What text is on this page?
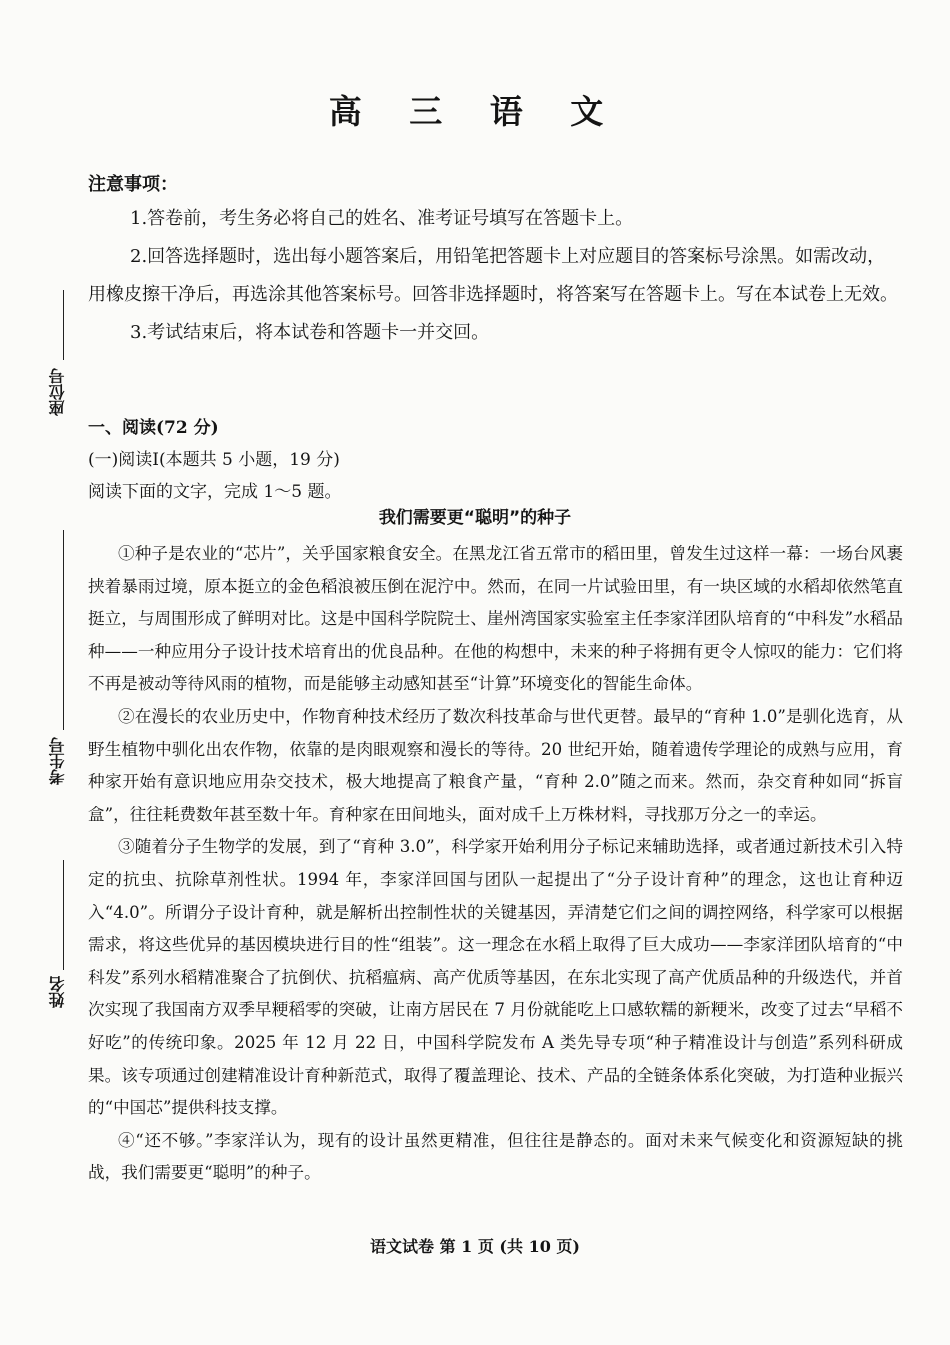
座位号
考生号
姓名
高 三 语 文
注意事项：

1.答卷前，考生务必将自己的姓名、准考证号填写在答题卡上。

2.回答选择题时，选出每小题答案后，用铅笔把答题卡上对应题目的答案标号涂黑。如需改动，用橡皮擦干净后，再选涂其他答案标号。回答非选择题时，将答案写在答题卡上。写在本试卷上无效。

3.考试结束后，将本试卷和答题卡一并交回。

一、阅读(72 分)
(一)阅读Ⅰ(本题共 5 小题，19 分)
阅读下面的文字，完成 1～5 题。
我们需要更“聪明”的种子

①种子是农业的“芯片”，关乎国家粮食安全。在黑龙江省五常市的稻田里，曾发生过这样一幕：一场台风裹挟着暴雨过境，原本挺立的金色稻浪被压倒在泥泞中。然而，在同一片试验田里，有一块区域的水稻却依然笔直挺立，与周围形成了鲜明对比。这是中国科学院院士、崖州湾国家实验室主任李家洋团队培育的“中科发”水稻品种——一种应用分子设计技术培育出的优良品种。在他的构想中，未来的种子将拥有更令人惊叹的能力：它们将不再是被动等待风雨的植物，而是能够主动感知甚至“计算”环境变化的智能生命体。

②在漫长的农业历史中，作物育种技术经历了数次科技革命与世代更替。最早的“育种 1.0”是驯化选育，从野生植物中驯化出农作物，依靠的是肉眼观察和漫长的等待。20 世纪开始，随着遗传学理论的成熟与应用，育种家开始有意识地应用杂交技术，极大地提高了粮食产量，“育种 2.0”随之而来。然而，杂交育种如同“拆盲盒”，往往耗费数年甚至数十年。育种家在田间地头，面对成千上万株材料，寻找那万分之一的幸运。

③随着分子生物学的发展，到了“育种 3.0”，科学家开始利用分子标记来辅助选择，或者通过新技术引入特定的抗虫、抗除草剂性状。1994 年，李家洋回国与团队一起提出了“分子设计育种”的理念，这也让育种迈入“4.0”。所谓分子设计育种，就是解析出控制性状的关键基因，弄清楚它们之间的调控网络，科学家可以根据需求，将这些优异的基因模块进行目的性“组装”。这一理念在水稻上取得了巨大成功——李家洋团队培育的“中科发”系列水稻精准聚合了抗倒伏、抗稻瘟病、高产优质等基因，在东北实现了高产优质品种的升级迭代，并首次实现了我国南方双季早粳稻零的突破，让南方居民在 7 月份就能吃上口感软糯的新粳米，改变了过去“早稻不好吃”的传统印象。2025 年 12 月 22 日，中国科学院发布 A 类先导专项“种子精准设计与创造”系列科研成果。该专项通过创建精准设计育种新范式，取得了覆盖理论、技术、产品的全链条体系化突破，为打造种业振兴的“中国芯”提供科技支撑。

④“还不够。”李家洋认为，现有的设计虽然更精准，但往往是静态的。面对未来气候变化和资源短缺的挑战，我们需要更“聪明”的种子。

语文试卷 第 1 页 (共 10 页)
